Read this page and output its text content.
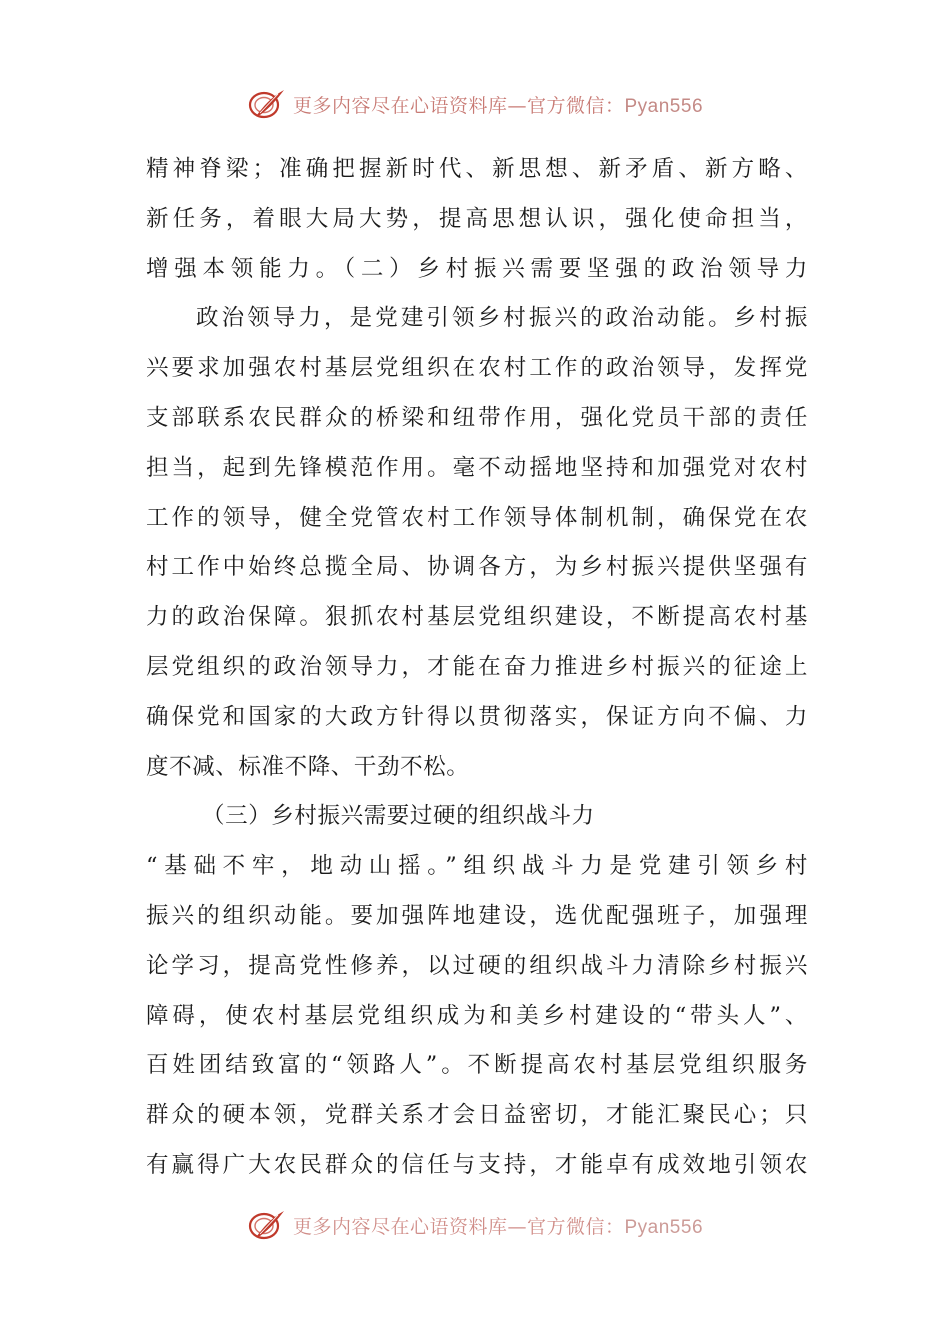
更多内容尽在心语资料库—官方微信：Pyan556
精神脊梁；准确把握新时代、新思想、新矛盾、新方略、
新任务，着眼大局大势，提高思想认识，强化使命担当，
增强本领能力。（二）乡村振兴需要坚强的政治领导力
政治领导力，是党建引领乡村振兴的政治动能。乡村振
兴要求加强农村基层党组织在农村工作的政治领导，发挥党
支部联系农民群众的桥梁和纽带作用，强化党员干部的责任
担当，起到先锋模范作用。毫不动摇地坚持和加强党对农村
工作的领导，健全党管农村工作领导体制机制，确保党在农
村工作中始终总揽全局、协调各方，为乡村振兴提供坚强有
力的政治保障。狠抓农村基层党组织建设，不断提高农村基
层党组织的政治领导力，才能在奋力推进乡村振兴的征途上
确保党和国家的大政方针得以贯彻落实，保证方向不偏、力
度不减、标准不降、干劲不松。
（三）乡村振兴需要过硬的组织战斗力
“基础不牢，地动山摇。”组织战斗力是党建引领乡村
振兴的组织动能。要加强阵地建设，选优配强班子，加强理
论学习，提高党性修养，以过硬的组织战斗力清除乡村振兴
障碍，使农村基层党组织成为和美乡村建设的“带头人”、
百姓团结致富的“领路人”。不断提高农村基层党组织服务
群众的硬本领，党群关系才会日益密切，才能汇聚民心；只
有赢得广大农民群众的信任与支持，才能卓有成效地引领农
更多内容尽在心语资料库—官方微信：Pyan556
